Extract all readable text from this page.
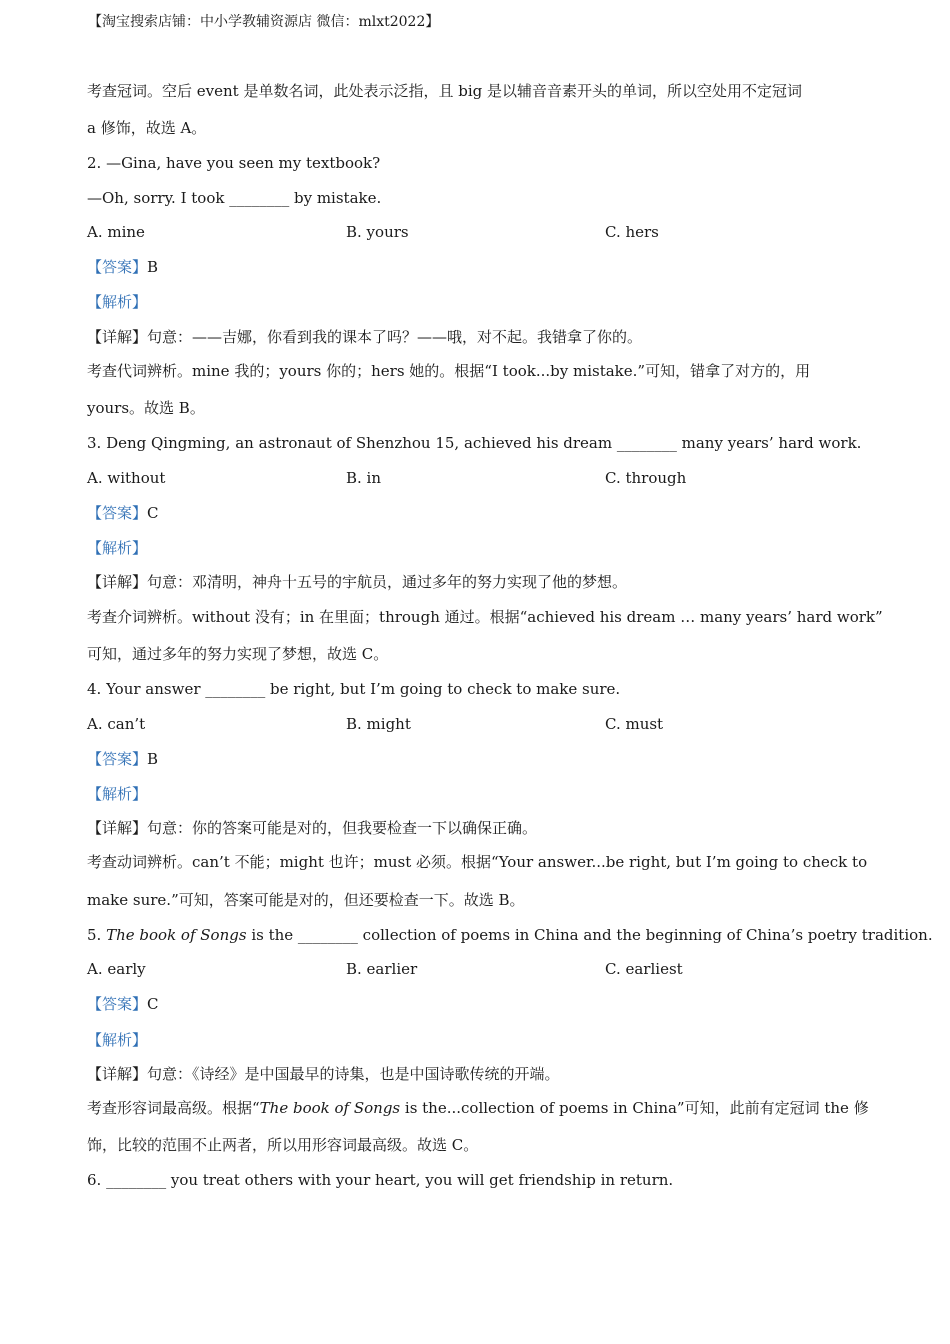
【淘宝搜索店铺：中小学教辅资源店 微信：mlxt2022】
考查冠词。空后 event 是单数名词，此处表示泛指，且 big 是以辅音音素开头的单词，所以空处用不定冠词
a 修饰，故选 A。
2. —Gina, have you seen my textbook?
—Oh, sorry. I took ________ by mistake.
A. mine	B. yours	C. hers
【答案】B
【解析】
【详解】句意：——吉娜，你看到我的课本了吗？——哦，对不起。我错拿了你的。
考查代词辨析。mine 我的；yours 你的；hers 她的。根据“I took...by mistake.”可知，错拿了对方的，用
yours。故选 B。
3. Deng Qingming, an astronaut of Shenzhou 15, achieved his dream ________ many years’ hard work.
A. without	B. in	C. through
【答案】C
【解析】
【详解】句意：邓清明，神舟十五号的宇航员，通过多年的努力实现了他的梦想。
考查介词辨析。without 没有；in 在里面；through 通过。根据“achieved his dream … many years’ hard work”
可知，通过多年的努力实现了梦想，故选 C。
4. Your answer ________ be right, but I’m going to check to make sure.
A. can’t	B. might	C. must
【答案】B
【解析】
【详解】句意：你的答案可能是对的，但我要检查一下以确保正确。
考查动词辨析。can’t 不能；might 也许；must 必须。根据“Your answer...be right, but I’m going to check to
make sure.”可知，答案可能是对的，但还要检查一下。故选 B。
5. The book of Songs is the ________ collection of poems in China and the beginning of China’s poetry tradition.
A. early	B. earlier	C. earliest
【答案】C
【解析】
【详解】句意：《诗经》是中国最早的诗集，也是中国诗歌传统的开端。
考查形容词最高级。根据“The book of Songs is the...collection of poems in China”可知，此前有定冠词 the 修
饰，比较的范围不止两者，所以用形容词最高级。故选 C。
6. ________ you treat others with your heart, you will get friendship in return.
